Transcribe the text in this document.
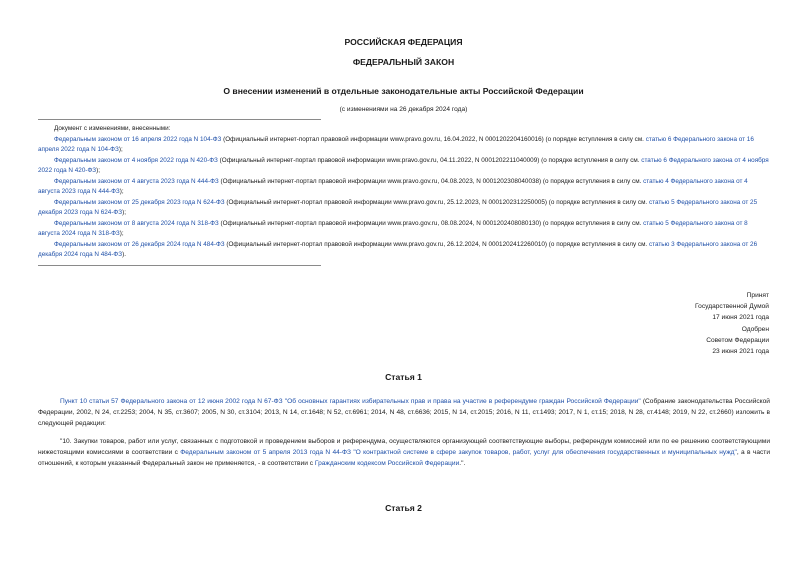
РОССИЙСКАЯ ФЕДЕРАЦИЯ
ФЕДЕРАЛЬНЫЙ ЗАКОН
О внесении изменений в отдельные законодательные акты Российской Федерации
(с изменениями на 26 декабря 2024 года)

Документ с изменениями, внесенными:

Федеральным законом от 16 апреля 2022 года N 104-ФЗ (Официальный интернет-портал правовой информации www.pravo.gov.ru, 16.04.2022, N 0001202204160016) (о порядке вступления в силу см. статью 6 Федерального закона от 16 апреля 2022 года N 104-ФЗ);

Федеральным законом от 4 ноября 2022 года N 420-ФЗ (Официальный интернет-портал правовой информации www.pravo.gov.ru, 04.11.2022, N 0001202211040009) (о порядке вступления в силу см. статью 6 Федерального закона от 4 ноября 2022 года N 420-ФЗ);

Федеральным законом от 4 августа 2023 года N 444-ФЗ (Официальный интернет-портал правовой информации www.pravo.gov.ru, 04.08.2023, N 0001202308040038) (о порядке вступления в силу см. статью 4 Федерального закона от 4 августа 2023 года N 444-ФЗ);

Федеральным законом от 25 декабря 2023 года N 624-ФЗ (Официальный интернет-портал правовой информации www.pravo.gov.ru, 25.12.2023, N 0001202312250005) (о порядке вступления в силу см. статью 5 Федерального закона от 25 декабря 2023 года N 624-ФЗ);

Федеральным законом от 8 августа 2024 года N 318-ФЗ (Официальный интернет-портал правовой информации www.pravo.gov.ru, 08.08.2024, N 0001202408080130) (о порядке вступления в силу см. статью 5 Федерального закона от 8 августа 2024 года N 318-ФЗ);

Федеральным законом от 26 декабря 2024 года N 484-ФЗ (Официальный интернет-портал правовой информации www.pravo.gov.ru, 26.12.2024, N 0001202412260010) (о порядке вступления в силу см. статью 3 Федерального закона от 26 декабря 2024 года N 484-ФЗ).

Принят
Государственной Думой
17 июня 2021 года
Одобрен
Советом Федерации
23 июня 2021 года
Статья 1

Пункт 10 статьи 57 Федерального закона от 12 июня 2002 года N 67-ФЗ "Об основных гарантиях избирательных прав и права на участие в референдуме граждан Российской Федерации" (Собрание законодательства Российской Федерации, 2002, N 24, ст.2253; 2004, N 35, ст.3607; 2005, N 30, ст.3104; 2013, N 14, ст.1648; N 52, ст.6961; 2014, N 48, ст.6636; 2015, N 14, ст.2015; 2016, N 11, ст.1493; 2017, N 1, ст.15; 2018, N 28, ст.4148; 2019, N 22, ст.2660) изложить в следующей редакции:

"10. Закупки товаров, работ или услуг, связанных с подготовкой и проведением выборов и референдума, осуществляются организующей соответствующие выборы, референдум комиссией или по ее решению соответствующими нижестоящими комиссиями в соответствии с Федеральным законом от 5 апреля 2013 года N 44-ФЗ "О контрактной системе в сфере закупок товаров, работ, услуг для обеспечения государственных и муниципальных нужд", а в части отношений, к которым указанный Федеральный закон не применяется, - в соответствии с Гражданским кодексом Российской Федерации.".

Статья 2
